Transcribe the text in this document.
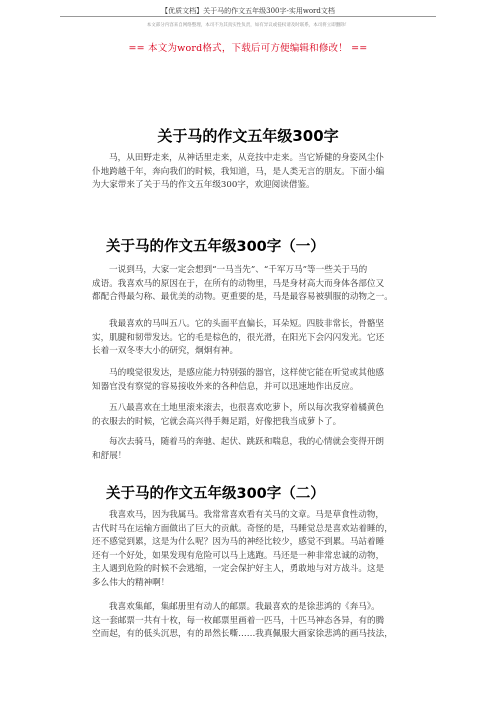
【优质文档】关于马的作文五年级300字-实用word文档
本文部分内容来自网络整理，本司不为其真实性负责，如有异议或侵权请及时联系，本司将立即删除！
== 本文为word格式，下载后可方便编辑和修改！ ==
关于马的作文五年级300字
马，从田野走来，从神话里走来，从竞技中走来。当它矫健的身姿风尘仆
仆地跨越千年，奔向我们的时候，我知道，马，是人类无言的朋友。下面小编
为大家带来了关于马的作文五年级300字，欢迎阅读借鉴。
关于马的作文五年级300字（一）
一说到马，大家一定会想到“一马当先”、“千军万马”等一些关于马的
成语。我喜欢马的原因在于，在所有的动物里，马是身材高大而身体各部位又
都配合得最匀称、最优美的动物。更重要的是，马是最容易被驯服的动物之一。
我最喜欢的马叫五八。它的头面平直偏长，耳朵短。四肢非常长，骨骼坚
实，肌腱和韧带发达。它的毛是棕色的，很光滑，在阳光下会闪闪发光。它还
长着一双冬枣大小的研究，炯炯有神。
马的嗅觉很发达，是感应能力特别强的器官，这样使它能在听觉或其他感
知器官没有察觉的容易接收外来的各种信息，并可以迅速地作出反应。
五八最喜欢在土地里滚来滚去，也很喜欢吃萝卜，所以每次我穿着橘黄色
的衣服去的时候，它就会高兴得手舞足蹈，好像把我当成萝卜了。
每次去骑马，随着马的奔驰、起伏、跳跃和喘息，我的心情就会变得开朗
和舒展！
关于马的作文五年级300字（二）
我喜欢马，因为我属马。我常常喜欢看有关马的文章。马是草食性动物，
古代时马在运输方面做出了巨大的贡献。奇怪的是，马睡觉总是喜欢站着睡的，
还不感觉到累，这是为什么呢？因为马的神经比较少，感觉不到累。马站着睡
还有一个好处，如果发现有危险可以马上逃跑。马还是一种非常忠诚的动物，
主人遇到危险的时候不会逃缩，一定会保护好主人，勇敢地与对方战斗。这是
多么伟大的精神啊！
我喜欢集邮，集邮册里有动人的邮票。我最喜欢的是徐悲鸿的《奔马》。
这一套邮票一共有十枚，每一枚邮票里画着一匹马，十匹马神态各异，有的腾
空而起，有的低头沉思，有的昂然长嘶……我真佩服大画家徐悲鸿的画马技法，
